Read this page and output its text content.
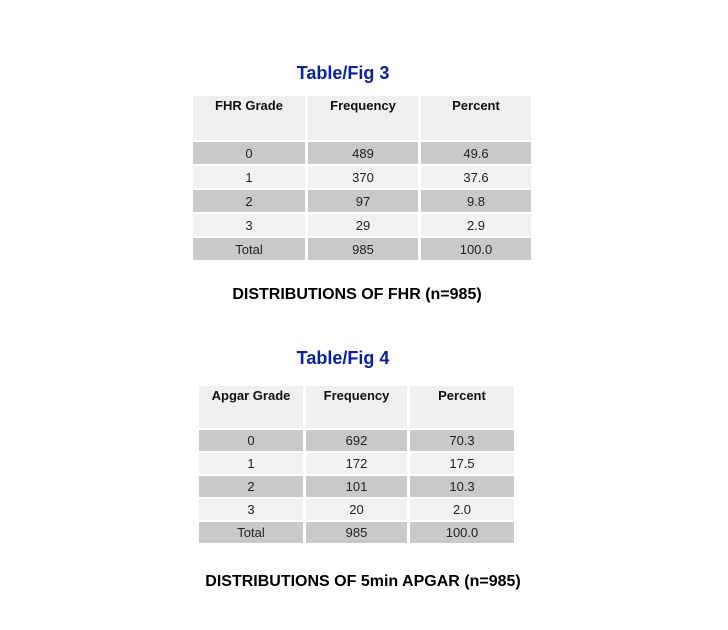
Table/Fig 3
FHR Grade	Frequency	Percent
0	489	49.6
1	370	37.6
2	97	9.8
3	29	2.9
Total	985	100.0
DISTRIBUTIONS OF FHR (n=985)
Table/Fig 4
Apgar Grade	Frequency	Percent
0	692	70.3
1	172	17.5
2	101	10.3
3	20	2.0
Total	985	100.0
DISTRIBUTIONS OF 5min APGAR (n=985)
